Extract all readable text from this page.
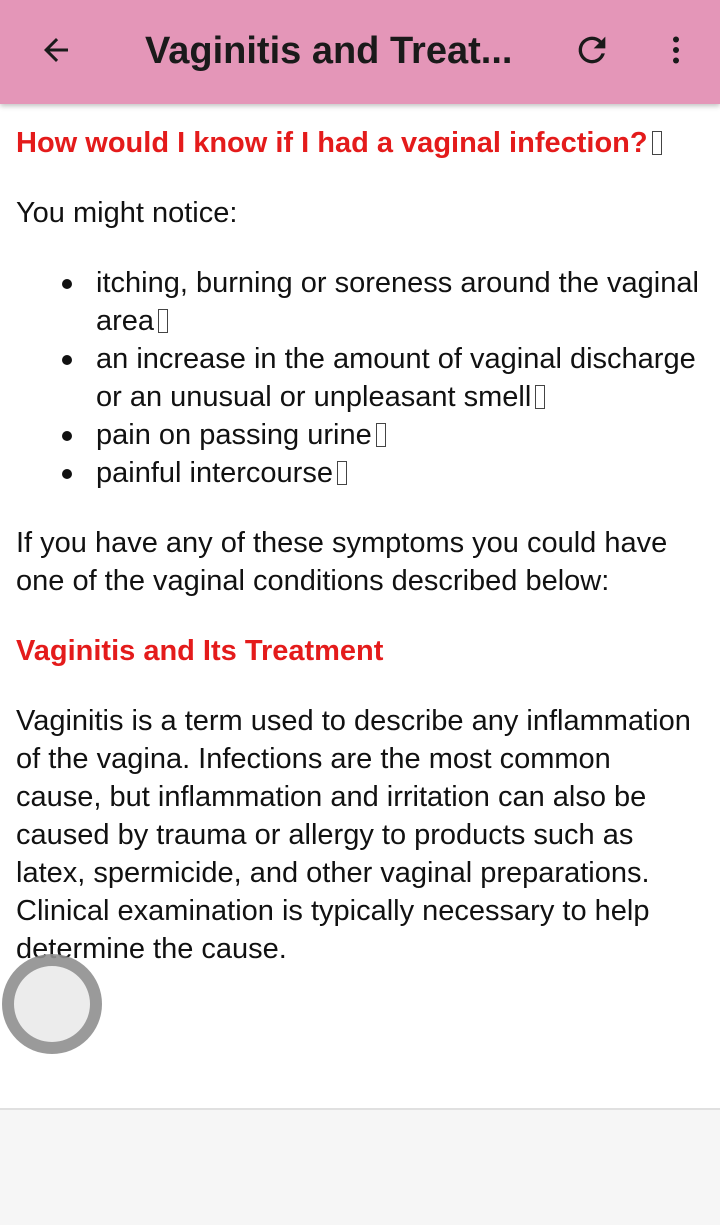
Vaginitis and Treat...

How would I know if I had a vaginal infection?

You might notice:

itching, burning or soreness around the vaginal area
an increase in the amount of vaginal discharge or an unusual or unpleasant smell
pain on passing urine
painful intercourse

If you have any of these symptoms you could have one of the vaginal conditions described below:

Vaginitis and Its Treatment

Vaginitis is a term used to describe any inflammation of the vagina. Infections are the most common cause, but inflammation and irritation can also be caused by trauma or allergy to products such as latex, spermicide, and other vaginal preparations. Clinical examination is typically necessary to help determine the cause.
